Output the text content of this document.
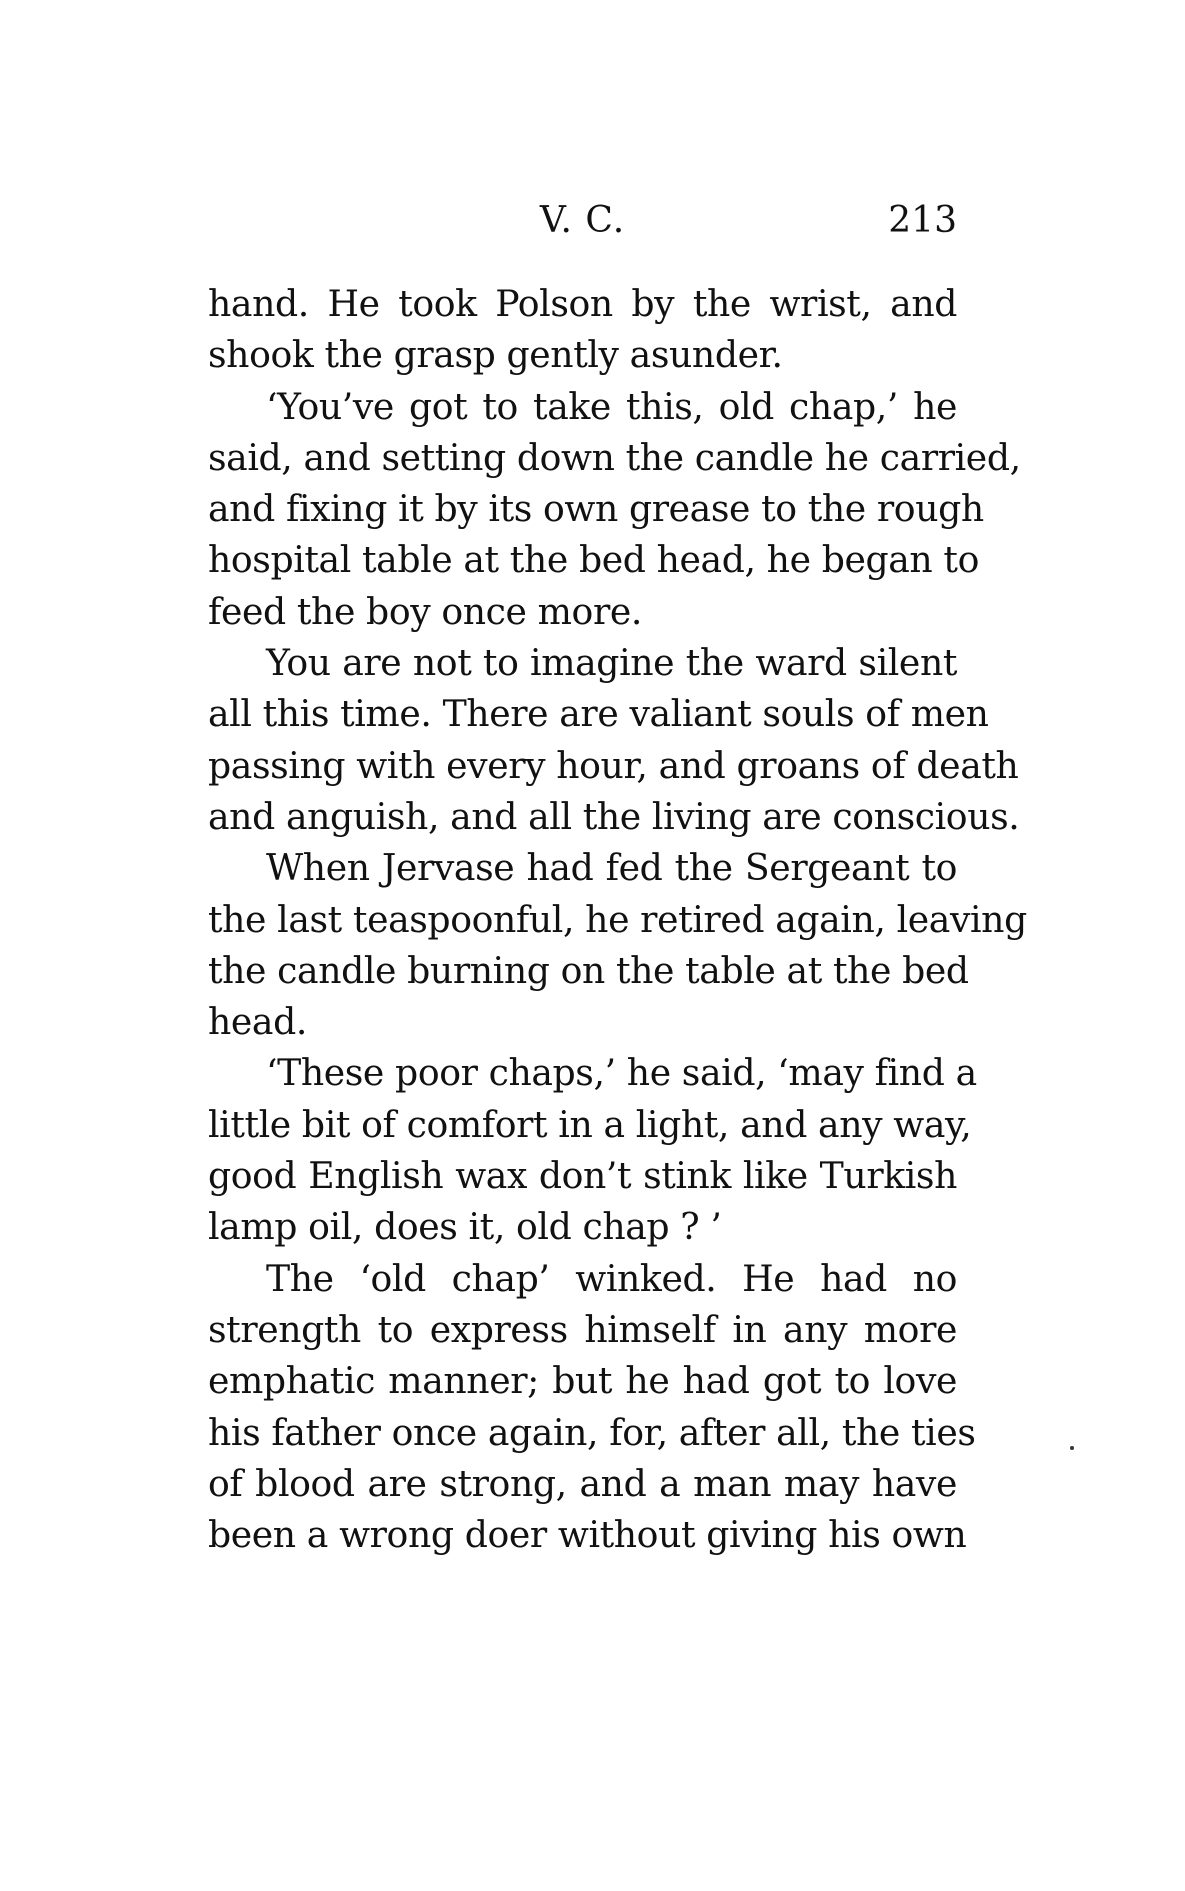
V. C.	213
hand. He took Polson by the wrist, and
shook the grasp gently asunder.
‘You’ve got to take this, old chap,’ he
said, and setting down the candle he carried,
and fixing it by its own grease to the rough
hospital table at the bed head, he began to
feed the boy once more.
You are not to imagine the ward silent
all this time. There are valiant souls of men
passing with every hour, and groans of death
and anguish, and all the living are conscious.
When Jervase had fed the Sergeant to
the last teaspoonful, he retired again, leaving
the candle burning on the table at the bed
head.
‘These poor chaps,’ he said, ‘may find a
little bit of comfort in a light, and any way,
good English wax don’t stink like Turkish
lamp oil, does it, old chap ? ’
The ‘old chap’ winked. He had no
strength to express himself in any more
emphatic manner; but he had got to love
his father once again, for, after all, the ties
of blood are strong, and a man may have
been a wrong doer without giving his own
